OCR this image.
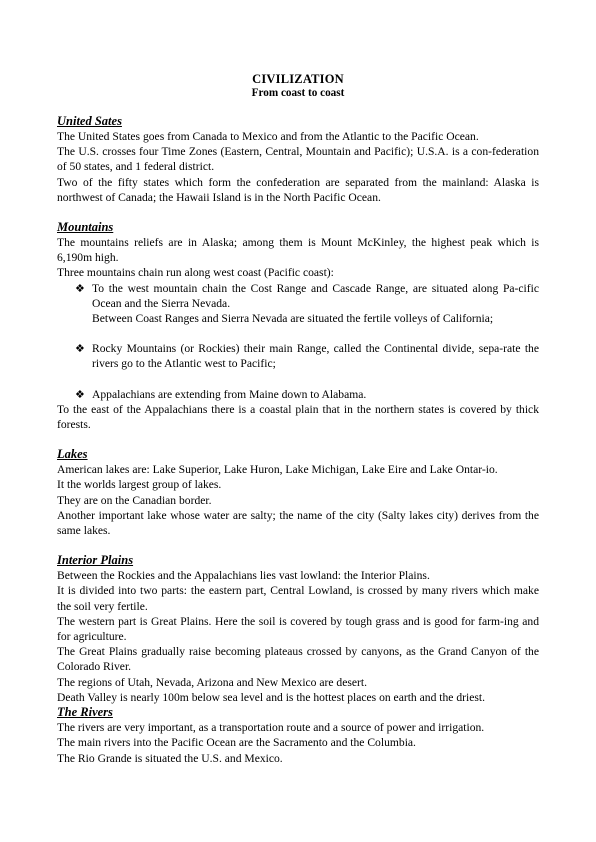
CIVILIZATION
From coast to coast
United Sates

The United States goes from Canada to Mexico and from the Atlantic to the Pacific Ocean.

The U.S. crosses four Time Zones (Eastern, Central, Mountain and Pacific); U.S.A. is a con-federation of 50 states, and 1 federal district.

Two of the fifty states which form the confederation are separated from the mainland: Alaska is northwest of Canada; the Hawaii Island is in the North Pacific Ocean.

Mountains

The mountains reliefs are in Alaska; among them is Mount McKinley, the highest peak which is 6,190m high.

Three mountains chain run along west coast (Pacific coast):

❖ To the west mountain chain the Cost Range and Cascade Range, are situated along Pa-cific Ocean and the Sierra Nevada.

Between Coast Ranges and Sierra Nevada are situated the fertile volleys of California;

❖ Rocky Mountains (or Rockies) their main Range, called the Continental divide, sepa-rate the rivers go to the Atlantic west to Pacific;
❖ Appalachians are extending from Maine down to Alabama.

To the east of the Appalachians there is a coastal plain that in the northern states is covered by thick forests.

Lakes

American lakes are: Lake Superior, Lake Huron, Lake Michigan, Lake Eire and Lake Ontar-io.

It the worlds largest group of lakes.

They are on the Canadian border.

Another important lake whose water are salty; the name of the city (Salty lakes city) derives from the same lakes.

Interior Plains

Between the Rockies and the Appalachians lies vast lowland: the Interior Plains.

It is divided into two parts: the eastern part, Central Lowland, is crossed by many rivers which make the soil very fertile.

The western part is Great Plains. Here the soil is covered by tough grass and is good for farm-ing and for agriculture.

The Great Plains gradually raise becoming plateaus crossed by canyons, as the Grand Canyon of the Colorado River.

The regions of Utah, Nevada, Arizona and New Mexico are desert.

Death Valley is nearly 100m below sea level and is the hottest places on earth and the driest.

The Rivers

The rivers are very important, as a transportation route and a source of power and irrigation.

The main rivers into the Pacific Ocean are the Sacramento and the Columbia.

The Rio Grande is situated the U.S. and Mexico.
